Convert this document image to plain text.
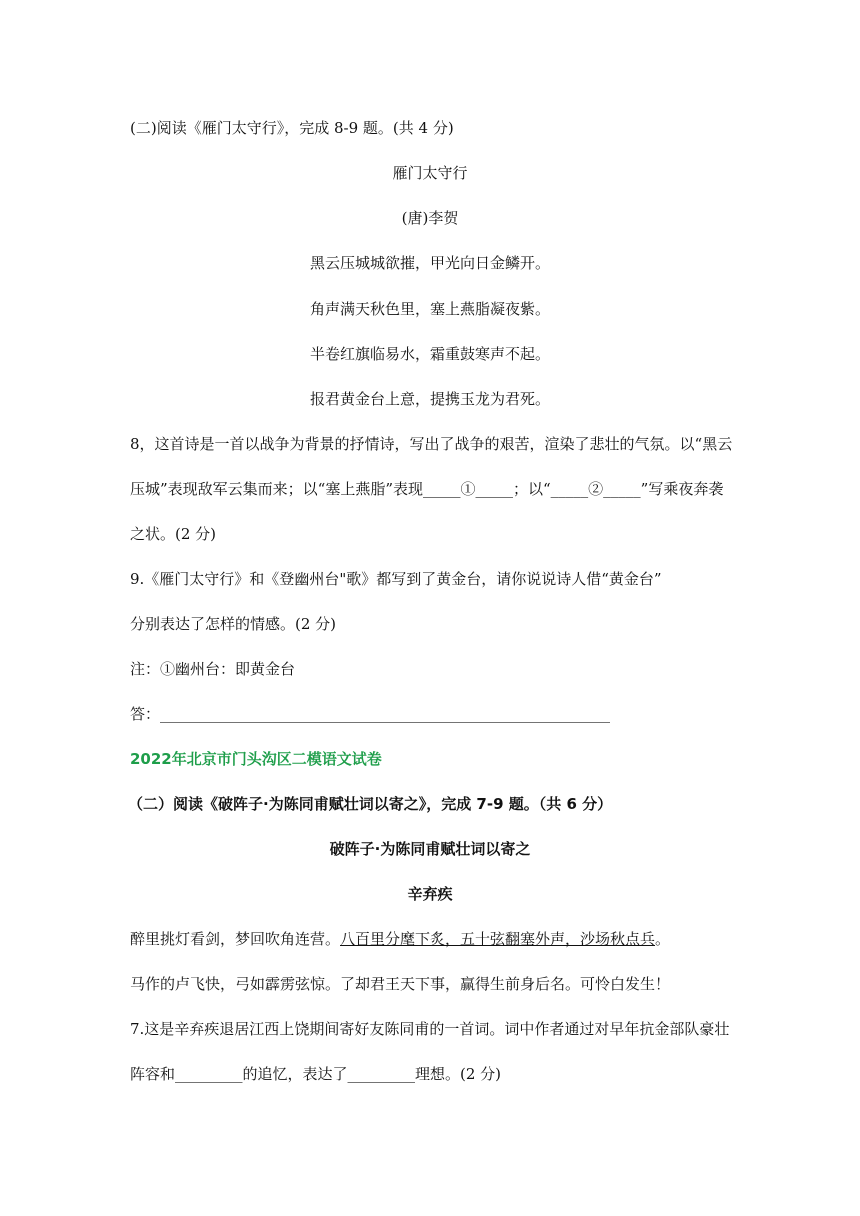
(二)阅读《雁门太守行》，完成 8-9 题。(共 4 分)
雁门太守行
(唐)李贺
黑云压城城欲摧，甲光向日金鳞开。
角声满天秋色里，塞上燕脂凝夜紫。
半卷红旗临易水，霜重鼓寒声不起。
报君黄金台上意，提携玉龙为君死。
8，这首诗是一首以战争为背景的抒情诗，写出了战争的艰苦，渲染了悲壮的气氛。以“黑云
压城”表现敌军云集而来；以“塞上燕脂”表现_____①_____；以“_____②_____”写乘夜奔袭
之状。(2 分)
9.《雁门太守行》和《登幽州台"歌》都写到了黄金台，请你说说诗人借“黄金台”
分别表达了怎样的情感。(2 分)
注：①幽州台：即黄金台
答：____________________________________________________________
2022年北京市门头沟区二模语文试卷
（二）阅读《破阵子·为陈同甫赋壮词以寄之》，完成 7-9 题。（共 6 分）
破阵子·为陈同甫赋壮词以寄之
辛弃疾
醉里挑灯看剑，梦回吹角连营。八百里分麾下炙，五十弦翻塞外声，沙场秋点兵。
马作的卢飞快，弓如霹雳弦惊。了却君王天下事，赢得生前身后名。可怜白发生！
7.这是辛弃疾退居江西上饶期间寄好友陈同甫的一首词。词中作者通过对早年抗金部队豪壮
阵容和_________的追忆，表达了_________理想。(2 分)
